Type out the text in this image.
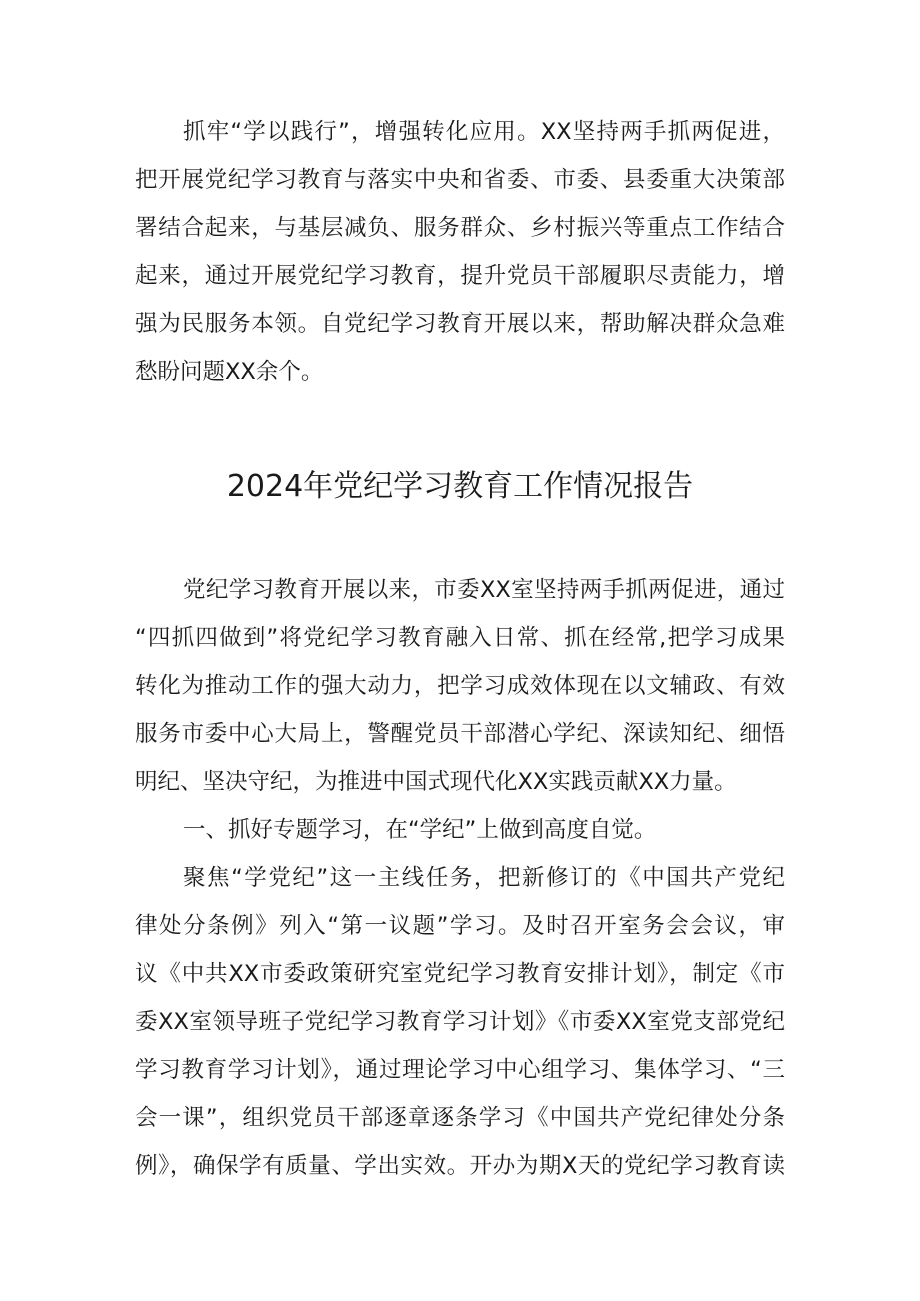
抓牢“学以践行”，增强转化应用。XX坚持两手抓两促进，
把开展党纪学习教育与落实中央和省委、市委、县委重大决策部
署结合起来，与基层减负、服务群众、乡村振兴等重点工作结合
起来，通过开展党纪学习教育，提升党员干部履职尽责能力，增
强为民服务本领。自党纪学习教育开展以来，帮助解决群众急难
愁盼问题XX余个。
2024年党纪学习教育工作情况报告
党纪学习教育开展以来，市委XX室坚持两手抓两促进，通过
“四抓四做到”将党纪学习教育融入日常、抓在经常,把学习成果
转化为推动工作的强大动力，把学习成效体现在以文辅政、有效
服务市委中心大局上，警醒党员干部潜心学纪、深读知纪、细悟
明纪、坚决守纪，为推进中国式现代化XX实践贡献XX力量。
一、抓好专题学习，在“学纪”上做到高度自觉。
聚焦“学党纪”这一主线任务，把新修订的《中国共产党纪
律处分条例》列入“第一议题”学习。及时召开室务会会议，审
议《中共XX市委政策研究室党纪学习教育安排计划》，制定《市
委XX室领导班子党纪学习教育学习计划》《市委XX室党支部党纪
学习教育学习计划》，通过理论学习中心组学习、集体学习、“三
会一课”，组织党员干部逐章逐条学习《中国共产党纪律处分条
例》，确保学有质量、学出实效。开办为期X天的党纪学习教育读
